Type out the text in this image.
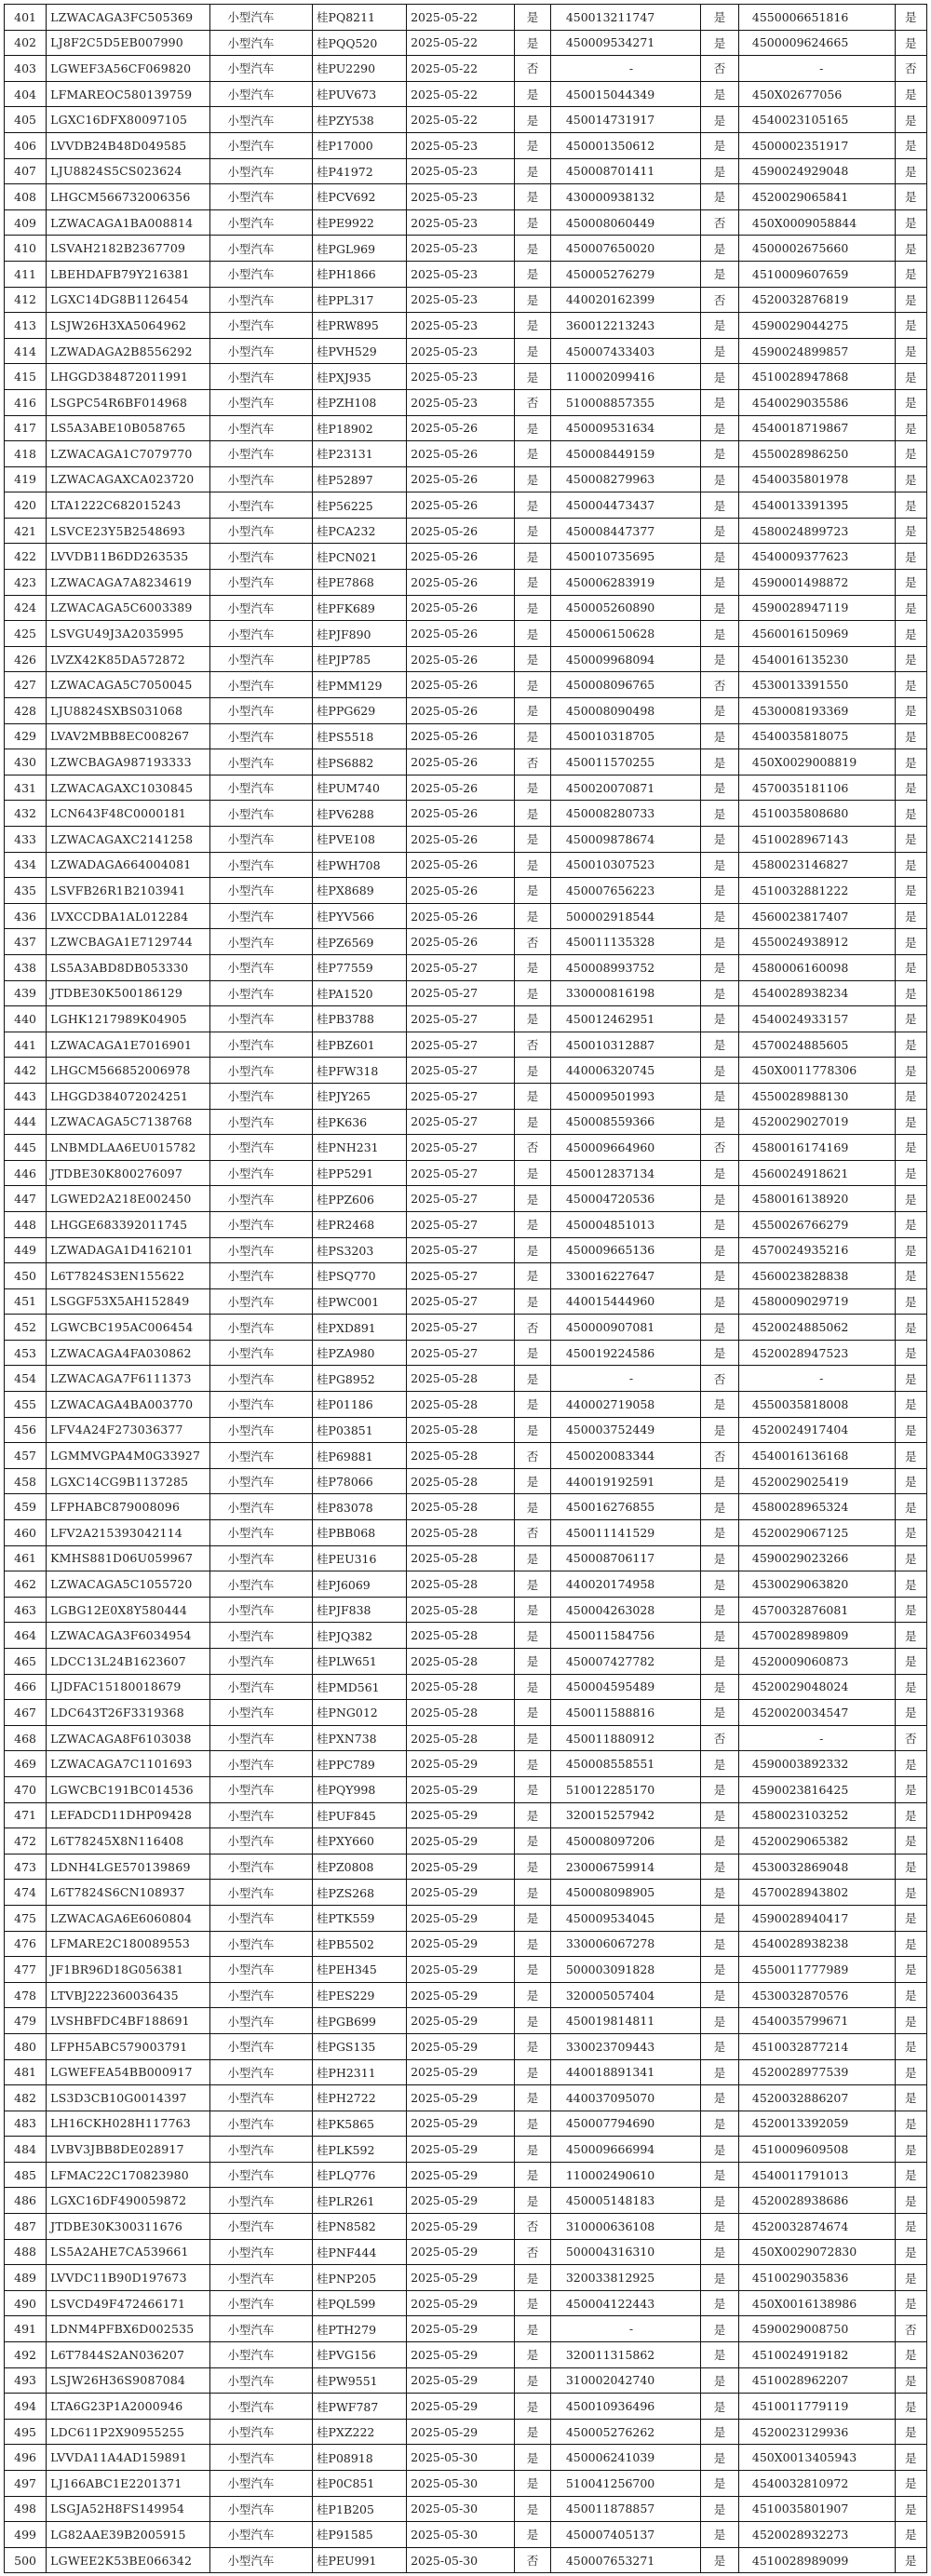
401	LZWACAGA3FC505369	小型汽车	桂PQ8211	2025-05-22	是	450013211747	是	4550006651816	是
402	LJ8F2C5D5EB007990	小型汽车	桂PQQ520	2025-05-22	是	450009534271	是	4500009624665	是
403	LGWEF3A56CF069820	小型汽车	桂PU2290	2025-05-22	否	-	否	-	否
404	LFMAREOC580139759	小型汽车	桂PUV673	2025-05-22	是	450015044349	是	450X02677056	是
405	LGXC16DFX80097105	小型汽车	桂PZY538	2025-05-22	是	450014731917	是	4540023105165	是
406	LVVDB24B48D049585	小型汽车	桂P17000	2025-05-23	是	450001350612	是	4500002351917	是
407	LJU8824S5CS023624	小型汽车	桂P41972	2025-05-23	是	450008701411	是	4590024929048	是
408	LHGCM56673200635​6	小型汽车	桂PCV692	2025-05-23	是	430000938132	是	4520029065841	是
409	LZWACAGA1BA008814	小型汽车	桂PE9922	2025-05-23	是	450008060449	否	450X0009058844	是
410	LSVAH2182B2367709	小型汽车	桂PGL969	2025-05-23	是	450007650020	是	4500002675660	是
411	LBEHDAFB79Y216381	小型汽车	桂PH1866	2025-05-23	是	450005276279	是	4510009607659	是
412	LGXC14DG8B1126454	小型汽车	桂PPL317	2025-05-23	是	440020162399	否	4520032876819	是
413	LSJW26H3XA5064962	小型汽车	桂PRW895	2025-05-23	是	360012213243	是	4590029044275	是
414	LZWADAGA2B8556292	小型汽车	桂PVH529	2025-05-23	是	450007433403	是	4590024899857	是
415	LHGGD384872011991	小型汽车	桂PXJ935	2025-05-23	是	110002099416	是	4510028947868	是
416	LSGPC54R6BF014968	小型汽车	桂PZH108	2025-05-23	否	510008857355	是	4540029035586	是
417	LS5A3ABE10B058765	小型汽车	桂P18902	2025-05-26	是	450009531634	是	4540018719867	是
418	LZWACAGA1C7079770	小型汽车	桂P23131	2025-05-26	是	450008449159	是	4550028986250	是
419	LZWACAGAXCA023720	小型汽车	桂P52897	2025-05-26	是	450008279963	是	4540035801978	是
420	LTA1222C682015243	小型汽车	桂P56225	2025-05-26	是	450004473437	是	4540013391395	是
421	LSVCE23Y5B2548693	小型汽车	桂PCA232	2025-05-26	是	450008447377	是	4580024899723	是
422	LVVDB11B6DD263535	小型汽车	桂PCN021	2025-05-26	是	450010735695	是	4540009377623	是
423	LZWACAGA7A8234619	小型汽车	桂PE7868	2025-05-26	是	450006283919	是	4590001498872	是
424	LZWACAGA5C6003389	小型汽车	桂PFK689	2025-05-26	是	450005260890	是	4590028947119	是
425	LSVGU49J3A2035995	小型汽车	桂PJF890	2025-05-26	是	450006150628	是	4560016150969	是
426	LVZX42K85DA572872	小型汽车	桂PJP785	2025-05-26	是	450009968094	是	4540016135230	是
427	LZWACAGA5C7050045	小型汽车	桂PMM129	2025-05-26	是	450008096765	否	4530013391550	是
428	LJU8824SXBS031068	小型汽车	桂PPG629	2025-05-26	是	450008090498	是	4530008193369	是
429	LVAV2MBB8EC008267	小型汽车	桂PS5518	2025-05-26	是	450010318705	是	4540035818075	是
430	LZWCBAGA987193333	小型汽车	桂PS6882	2025-05-26	否	450011570255	是	450X0029008819	是
431	LZWACAGAXC1030845	小型汽车	桂PUM740	2025-05-26	是	450020070871	是	4570035181106	是
432	LCN643F48C0000181	小型汽车	桂PV6288	2025-05-26	是	450008280733	是	4510035808680	是
433	LZWACAGAXC2141258	小型汽车	桂PVE108	2025-05-26	是	450009878674	是	4510028967143	是
434	LZWADAGA664004081	小型汽车	桂PWH708	2025-05-26	是	450010307523	是	4580023146827	是
435	LSVFB26R1B2103941	小型汽车	桂PX8689	2025-05-26	是	450007656223	是	4510032881222	是
436	LVXCCDBA1AL012284	小型汽车	桂PYV566	2025-05-26	是	500002918544	是	4560023817407	是
437	LZWCBAGA1E7129744	小型汽车	桂PZ6569	2025-05-26	否	450011135328	是	4550024938912	是
438	LS5A3ABD8DB053330	小型汽车	桂P77559	2025-05-27	是	450008993752	是	4580006160098	是
439	JTDBE30K500186129	小型汽车	桂PA1520	2025-05-27	是	330000816198	是	4540028938234	是
440	LGHK1217989K04905	小型汽车	桂PB3788	2025-05-27	是	450012462951	是	4540024933157	是
441	LZWACAGA1E7016901	小型汽车	桂PBZ601	2025-05-27	否	450010312887	是	4570024885605	是
442	LHGCM566852006978	小型汽车	桂PFW318	2025-05-27	是	440006320745	是	450X0011778306	是
443	LHGGD384072024251	小型汽车	桂PJY265	2025-05-27	是	450009501993	是	4550028988130	是
444	LZWACAGA5C7138768	小型汽车	桂PK636	2025-05-27	是	450008559366	是	4520029027019	是
445	LNBMDLAA6EU015782	小型汽车	桂PNH231	2025-05-27	否	450009664960	否	4580016174169	是
446	JTDBE30K800276097	小型汽车	桂PP5291	2025-05-27	是	450012837134	是	4560024918621	是
447	LGWED2A218E002450	小型汽车	桂PPZ606	2025-05-27	是	450004720536	是	4580016138920	是
448	LHGGE68339​2011745	小型汽车	桂PR2468	2025-05-27	是	450004851013	是	4550026766279	是
449	LZWADAGA1D4162101	小型汽车	桂PS3203	2025-05-27	是	450009665136	是	4570024935216	是
450	L6T7824S3EN155622	小型汽车	桂PSQ770	2025-05-27	是	330016227647	是	4560023828838	是
451	LSGGF53X5AH152849	小型汽车	桂PWC001	2025-05-27	是	440015444960	是	4580009029719	是
452	LGWCBC195AC006454	小型汽车	桂PXD891	2025-05-27	否	450000907081	是	4520024885062	是
453	LZWACAGA4FA030862	小型汽车	桂PZA980	2025-05-27	是	450019224586	是	4520028947523	是
454	LZWACAGA7F6111373	小型汽车	桂PG8952	2025-05-28	是	-	否	-	是
455	LZWACAGA4BA003770	小型汽车	桂P01186	2025-05-28	是	440002719058	是	4550035818008	是
456	LFV4A24F273036377	小型汽车	桂P03851	2025-05-28	是	450003752449	是	4520024917404	是
457	LGMMVGPA4M0G33927	小型汽车	桂P69881	2025-05-28	否	450020083344	否	4540016136168	是
458	LGXC14CG9B1137285	小型汽车	桂P78066	2025-05-28	是	440019192591	是	4520029025419	是
459	LFPHABC879008096	小型汽车	桂P83078	2025-05-28	是	450016276855	是	4580028965324	是
460	LFV2A21539304211​4	小型汽车	桂PBB068	2025-05-28	否	450011141529	是	4520029067125	是
461	KMHS881D06U059967	小型汽车	桂PEU316	2025-05-28	是	450008706117	是	4590029023266	是
462	LZWACAGA5C1055720	小型汽车	桂PJ6069	2025-05-28	是	440020174958	是	4530029063820	是
463	LGBG12E0X8Y580444	小型汽车	桂PJF838	2025-05-28	是	450004263028	是	4570032876081	是
464	LZWACAGA3F6034954	小型汽车	桂PJQ382	2025-05-28	是	450011584756	是	4570028989809	是
465	LDCC13L24B1623607	小型汽车	桂PLW651	2025-05-28	是	450007427782	是	4520009060873	是
466	LJDFAC15180018679	小型汽车	桂PMD561	2025-05-28	是	450004595489	是	4520029048024	是
467	LDC643T26F3319368	小型汽车	桂PNG012	2025-05-28	是	450011588816	是	4520020034547	是
468	LZWACAGA8F6103038	小型汽车	桂PXN738	2025-05-28	是	450011880912	否	-	否
469	LZWACAGA7C1101693	小型汽车	桂PPC789	2025-05-29	是	450008558551	是	4590003892332	是
470	LGWCBC191BC014536	小型汽车	桂PQY998	2025-05-29	是	510012285170	是	4590023816425	是
471	LEFADCD11DHP09428	小型汽车	桂PUF845	2025-05-29	是	320015257942	是	4580023103252	是
472	L6T78245X8N116408	小型汽车	桂PXY660	2025-05-29	是	450008097206	是	4520029065382	是
473	LDNH4LGE570139869	小型汽车	桂PZ0808	2025-05-29	是	230006759914	是	4530032869048	是
474	L6T7824S6CN108937	小型汽车	桂PZS268	2025-05-29	是	450008098905	是	4570028943802	是
475	LZWACAGA6E6060804	小型汽车	桂PTK559	2025-05-29	是	450009534045	是	4590028940417	是
476	LFMARE2C180089553	小型汽车	桂PB5502	2025-05-29	是	330006067278	是	4540028938238	是
477	JF1BR96D18G056381	小型汽车	桂PEH345	2025-05-29	是	500003091828	是	4550011777989	是
478	LTVBJ222360036435	小型汽车	桂PES229	2025-05-29	是	320005057404	是	4530032870576	是
479	LVSHBFDC4BF188691	小型汽车	桂PGB699	2025-05-29	是	450019814811	是	4540035799671	是
480	LFPH5ABC579003791	小型汽车	桂PGS135	2025-05-29	是	330023709443	是	4510032877214	是
481	LGWEFEA54BB000917	小型汽车	桂PH2311	2025-05-29	是	440018891341	是	4520028977539	是
482	LS3D3CB10G0014397	小型汽车	桂PH2722	2025-05-29	是	440037095070	是	4520032886207	是
483	LH16CKH028H117763	小型汽车	桂PK5865	2025-05-29	是	450007794690	是	4520013392059	是
484	LVBV3JBB8DE028917	小型汽车	桂PLK592	2025-05-29	是	450009666994	是	4510009609508	是
485	LFMAC22C170823980	小型汽车	桂PLQ776	2025-05-29	是	110002490610	是	4540011791013	是
486	LGXC16DF490059872	小型汽车	桂PLR261	2025-05-29	是	450005148183	是	4520028938686	是
487	JTDBE30K300311676	小型汽车	桂PN8582	2025-05-29	否	310000636108	是	4520032874674	是
488	LS5A2AHE7CA539661	小型汽车	桂PNF444	2025-05-29	否	500004316310	是	450X0029072830	是
489	LVVDC11B90D197673	小型汽车	桂PNP205	2025-05-29	是	320033812925	是	4510029035836	是
490	LSVCD49F472466171	小型汽车	桂PQL599	2025-05-29	是	450004122443	是	450X0016138986	是
491	LDNM4PFBX6D002535	小型汽车	桂PTH279	2025-05-29	是	-	是	4590029008750	否
492	L6T7844S2AN036207	小型汽车	桂PVG156	2025-05-29	是	320011315862	是	4510024919182	是
493	LSJW26H36S9087084	小型汽车	桂PW9551	2025-05-29	是	310002042740	是	4510028962207	是
494	LTA6G23P1A2000946	小型汽车	桂PWF787	2025-05-29	是	450010936496	是	4510011779119	是
495	LDC611P2X90955255	小型汽车	桂PXZ222	2025-05-29	是	450005276262	是	4520023129936	是
496	LVVDA11A4AD159891	小型汽车	桂P08918	2025-05-30	是	450006241039	是	450X0013405943	是
497	LJ166ABC1E2201371	小型汽车	桂P0C851	2025-05-30	是	510041256700	是	4540032810972	是
498	LSGJA52H8FS149954	小型汽车	桂P1B205	2025-05-30	是	450011878857	是	4510035801907	是
499	LG82AAE39B2005915	小型汽车	桂P91585	2025-05-30	是	450007405137	是	4520028932273	是
500	LGWEE2K53BE066342	小型汽车	桂PEU991	2025-05-30	否	450007653271	是	4510028989099	是
